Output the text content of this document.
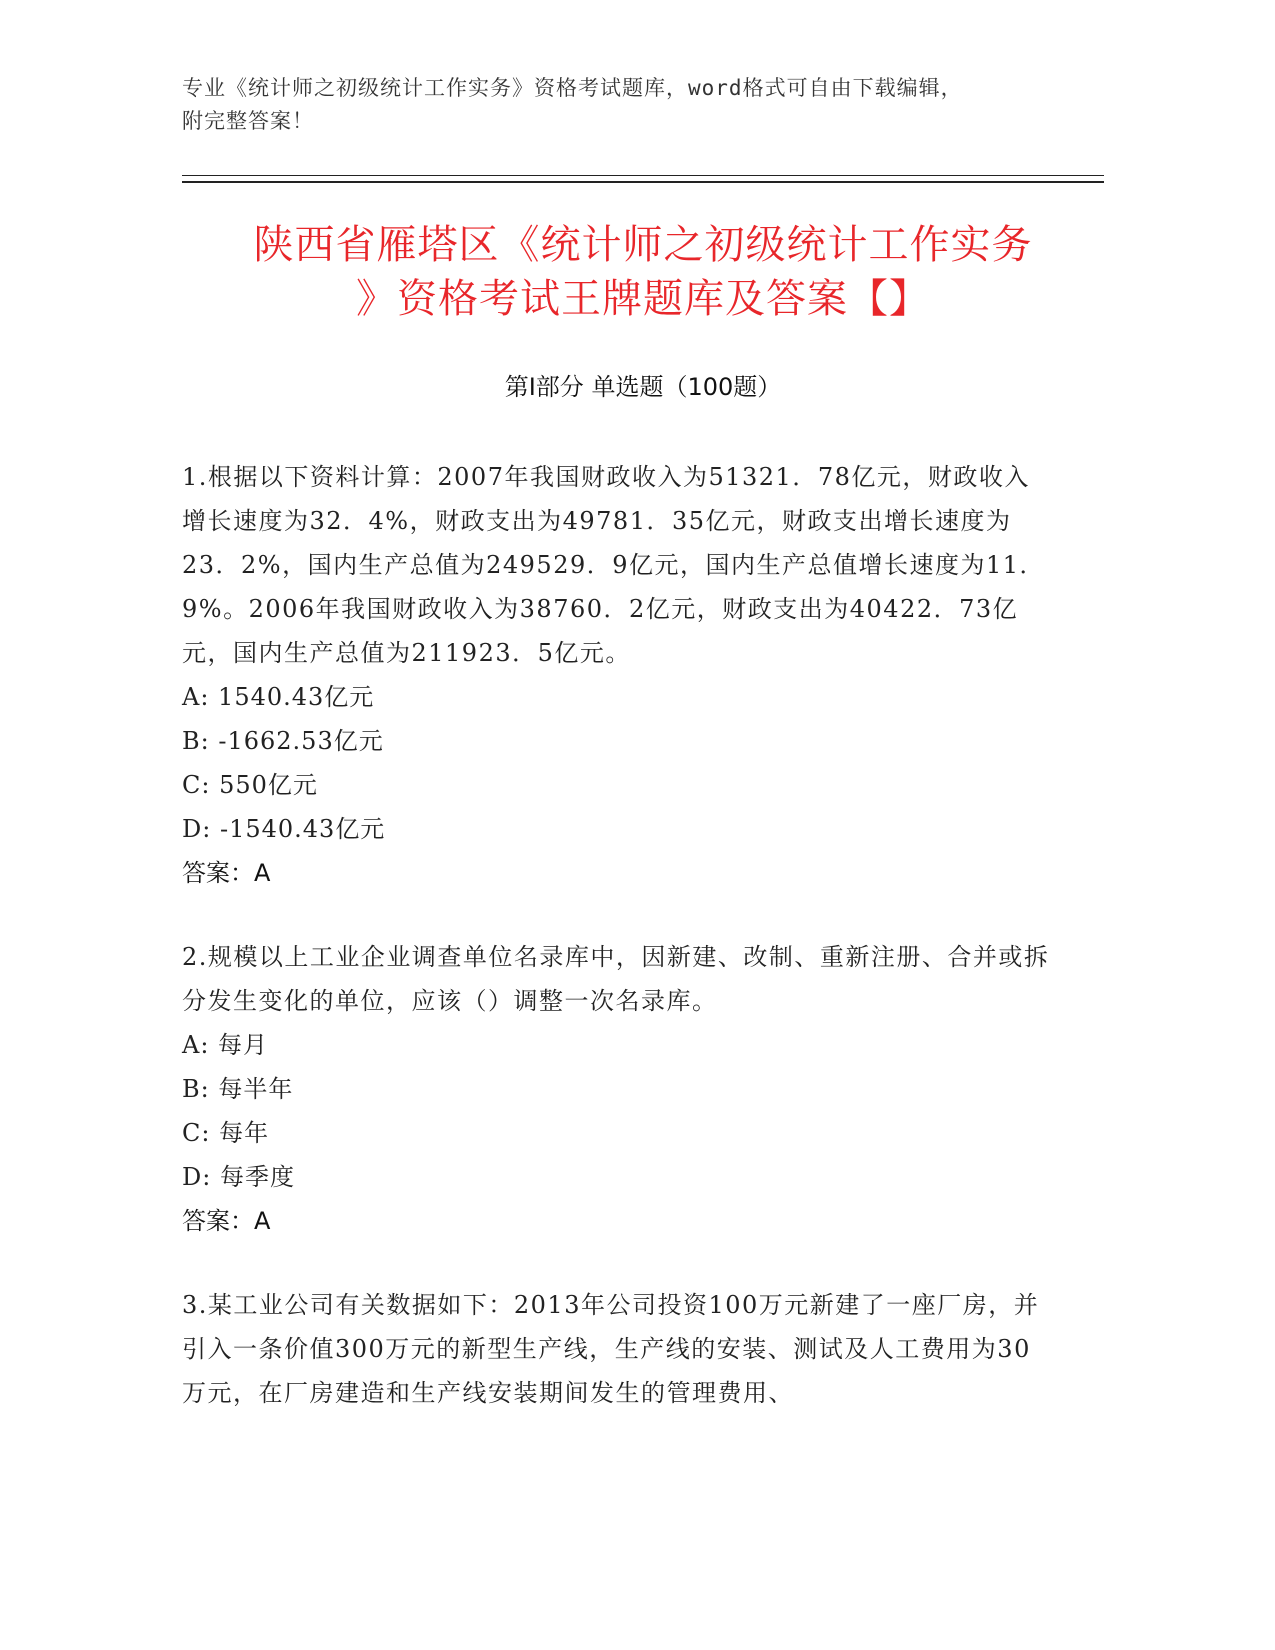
专业《统计师之初级统计工作实务》资格考试题库，word格式可自由下载编辑，
附完整答案！
陕西省雁塔区《统计师之初级统计工作实务
》资格考试王牌题库及答案【】
第Ⅰ部分 单选题（100题）
1.根据以下资料计算：2007年我国财政收入为51321．78亿元，财政收入增长速度为32．4%，财政支出为49781．35亿元，财政支出增长速度为23．2%，国内生产总值为249529．9亿元，国内生产总值增长速度为11．9%。2006年我国财政收入为38760．2亿元，财政支出为40422．73亿元，国内生产总值为211923．5亿元。
A: 1540.43亿元
B: -1662.53亿元
C: 550亿元
D: -1540.43亿元
答案：A
2.规模以上工业企业调查单位名录库中，因新建、改制、重新注册、合并或拆分发生变化的单位，应该（）调整一次名录库。
A: 每月
B: 每半年
C: 每年
D: 每季度
答案：A
3.某工业公司有关数据如下：2013年公司投资100万元新建了一座厂房，并引入一条价值300万元的新型生产线，生产线的安装、测试及人工费用为30万元，在厂房建造和生产线安装期间发生的管理费用、
